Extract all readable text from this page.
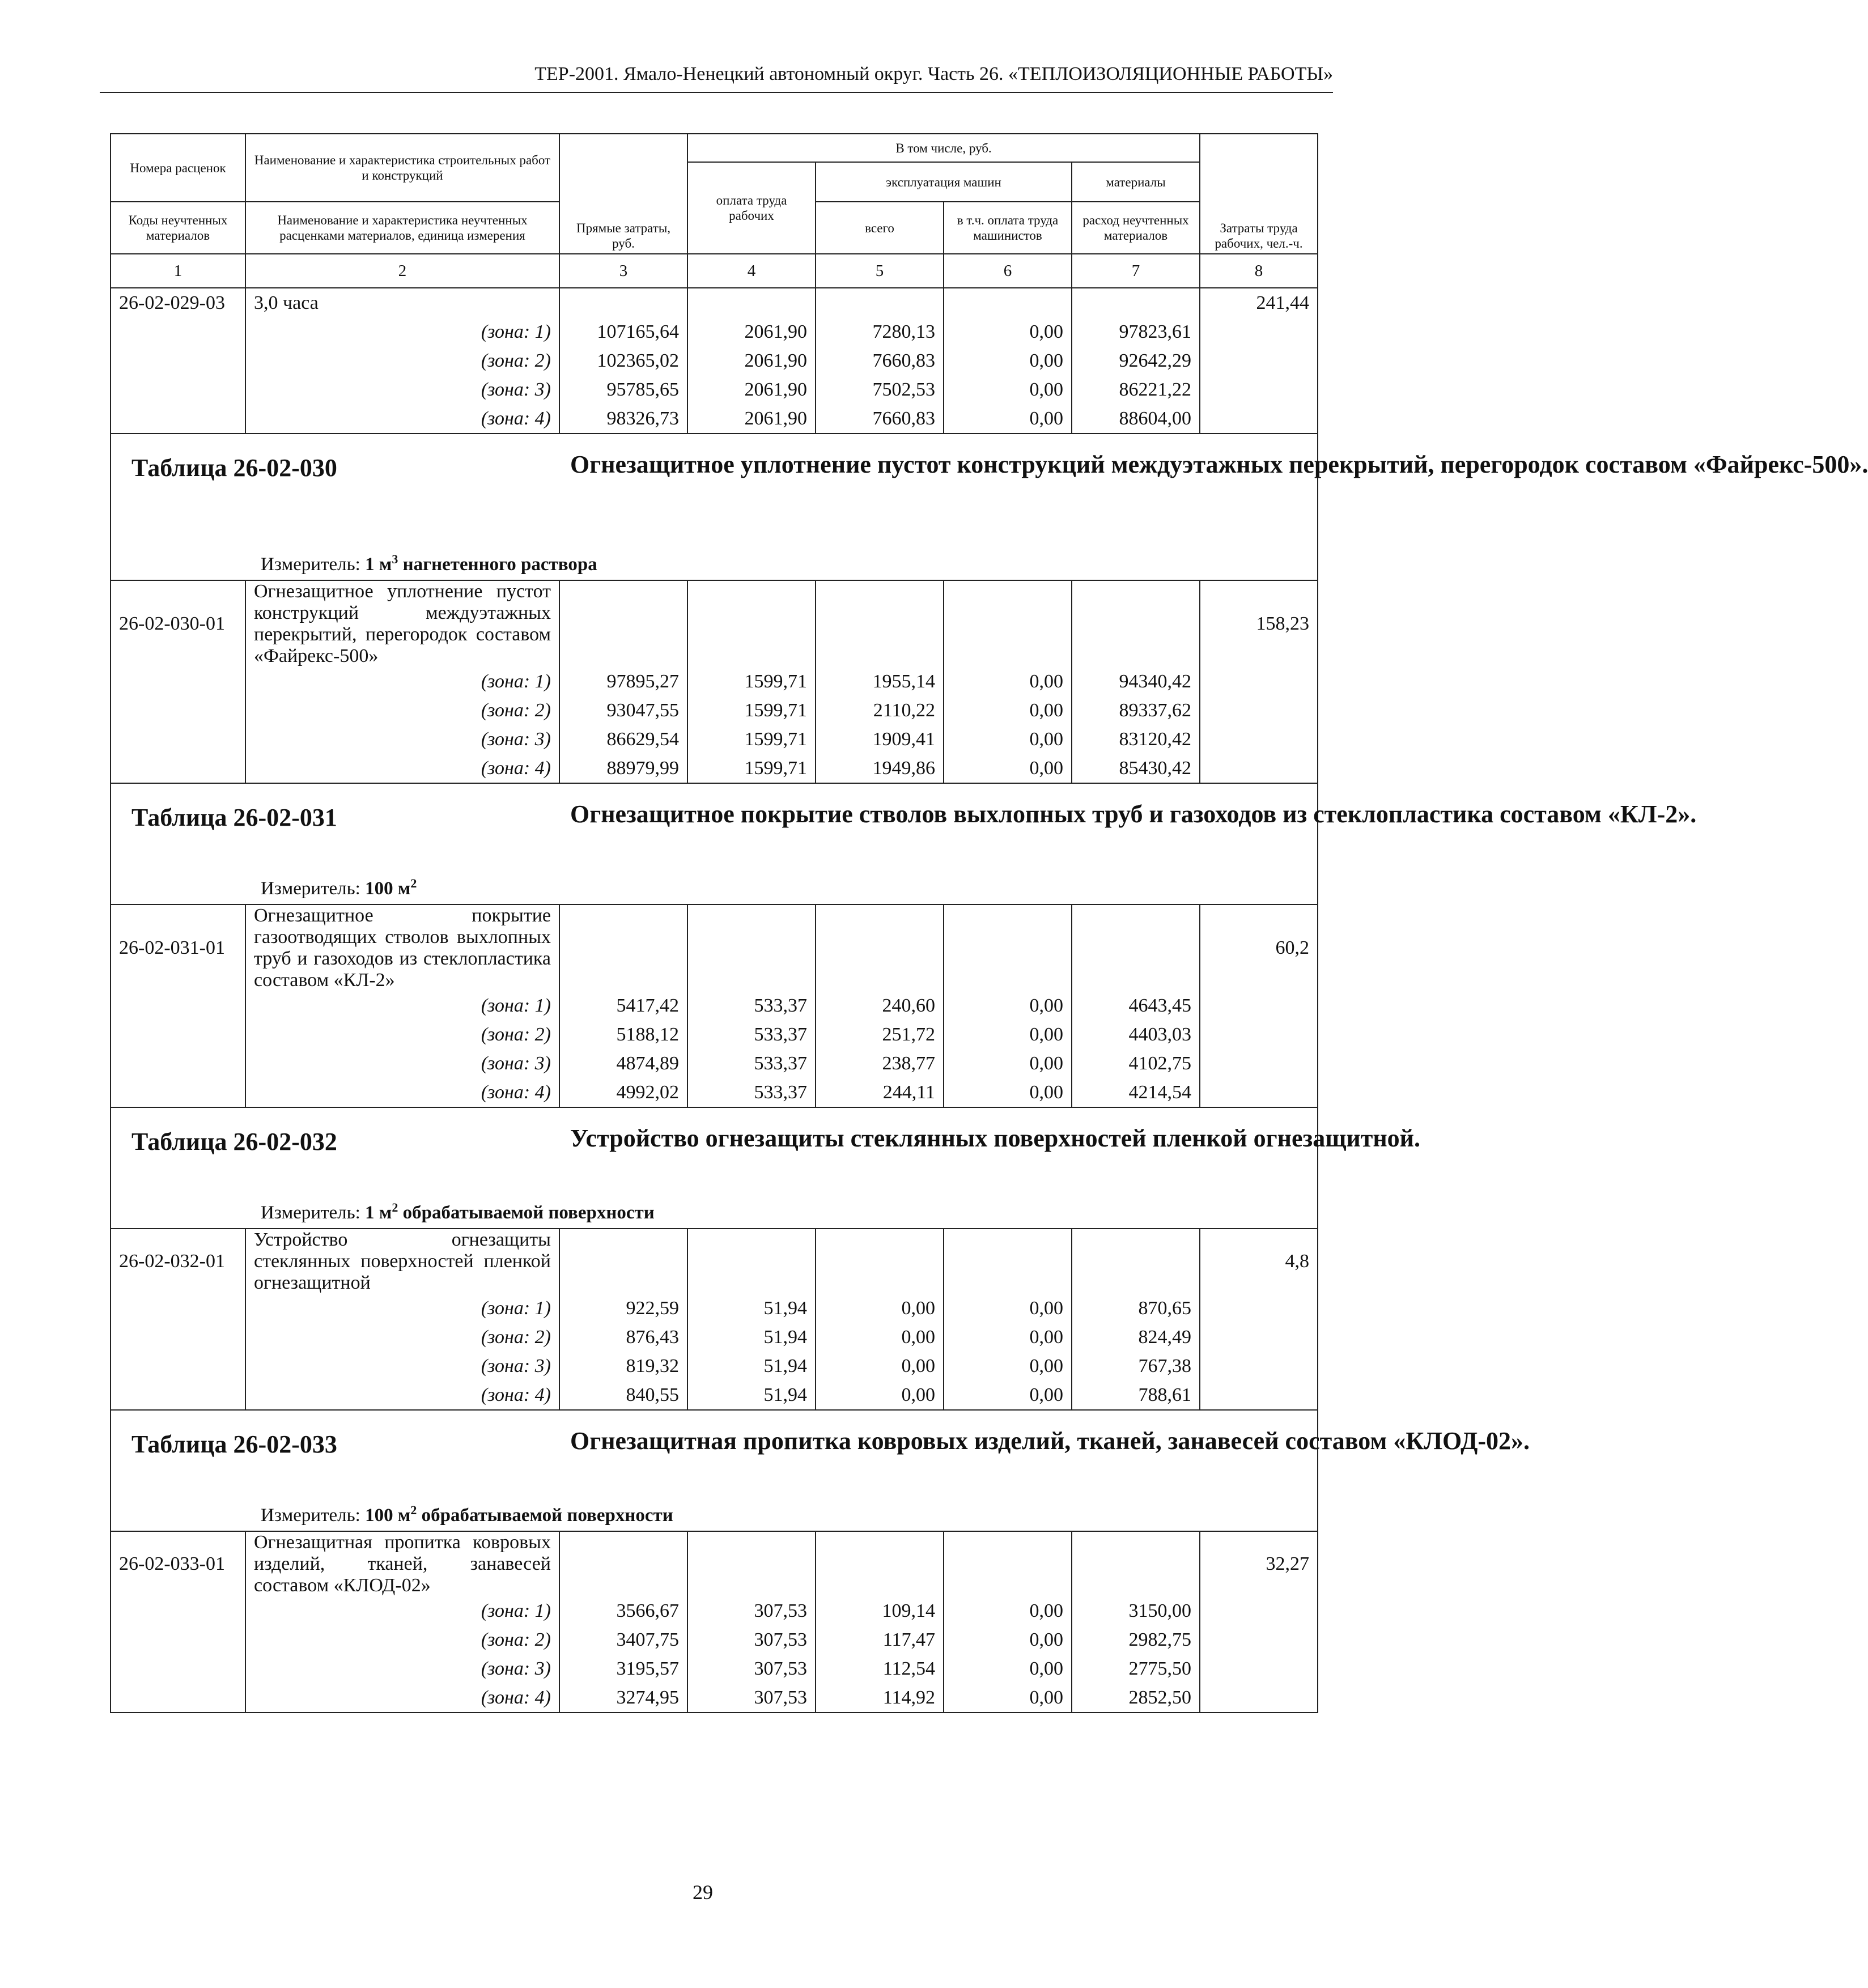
ТЕР-2001. Ямало-Ненецкий автономный округ. Часть 26. «ТЕПЛОИЗОЛЯЦИОННЫЕ РАБОТЫ»
Номера расценок	Наименование и характеристика строительных работ и конструкций	Прямые затраты, руб.	В том числе, руб.				Затраты труда рабочих, чел.-ч.
			оплата труда рабочих	эксплуатация машин		материалы	
Коды неучтенных материалов	Наименование и характеристика неучтенных расценками материалов, единица измерения			всего	в т.ч. оплата труда машинистов	расход неучтенных материалов	
1	2	3	4	5	6	7	8
26-02-029-03	3,0 часа						241,44
	(зона: 1)	107165,64	2061,90	7280,13	0,00	97823,61	
	(зона: 2)	102365,02	2061,90	7660,83	0,00	92642,29	
	(зона: 3)	95785,65	2061,90	7502,53	0,00	86221,22	
	(зона: 4)	98326,73	2061,90	7660,83	0,00	88604,00	

Таблица 26-02-030 Огнезащитное уплотнение пустот конструкций междуэтажных перекрытий, перегородок составом «Файрекс-500».
Измеритель: 1 $м^3$ нагнетенного раствора							

26-02-030-01	Огнезащитное уплотнение пустот конструкций междуэтажных перекрытий, перегородок составом «Файрекс-500»						158,23
	(зона: 1)	97895,27	1599,71	1955,14	0,00	94340,42	
	(зона: 2)	93047,55	1599,71	2110,22	0,00	89337,62	
	(зона: 3)	86629,54	1599,71	1909,41	0,00	83120,42	
	(зона: 4)	88979,99	1599,71	1949,86	0,00	85430,42	

Таблица 26-02-031 Огнезащитное покрытие стволов выхлопных труб и газоходов из стеклопластика составом «КЛ-2».
Измеритель: 100 $м^2$

26-02-031-01	Огнезащитное покрытие газоотводящих стволов выхлопных труб и газоходов из стеклопластика составом «КЛ-2»						60,2
	(зона: 1)	5417,42	533,37	240,60	0,00	4643,45	
	(зона: 2)	5188,12	533,37	251,72	0,00	4403,03	
	(зона: 3)	4874,89	533,37	238,77	0,00	4102,75	
	(зона: 4)	4992,02	533,37	244,11	0,00	4214,54	

Таблица 26-02-032 Устройство огнезащиты стеклянных поверхностей пленкой огнезащитной.
Измеритель: 1 $м^2$ обрабатываемой поверхности							

26-02-032-01	Устройство огнезащиты стеклянных поверхностей пленкой огнезащитной						4,8
	(зона: 1)	922,59	51,94	0,00	0,00	870,65	
	(зона: 2)	876,43	51,94	0,00	0,00	824,49	
	(зона: 3)	819,32	51,94	0,00	0,00	767,38	
	(зона: 4)	840,55	51,94	0,00	0,00	788,61	

Таблица 26-02-033 Огнезащитная пропитка ковровых изделий, тканей, занавесей составом «КЛОД-02».
Измеритель: 100 $м^2$ обрабатываемой поверхности							

26-02-033-01	Огнезащитная пропитка ковровых изделий, тканей, занавесей составом «КЛОД-02»						32,27
	(зона: 1)	3566,67	307,53	109,14	0,00	3150,00	
	(зона: 2)	3407,75	307,53	117,47	0,00	2982,75	
	(зона: 3)	3195,57	307,53	112,54	0,00	2775,50	
	(зона: 4)	3274,95	307,53	114,92	0,00	2852,50	
29
